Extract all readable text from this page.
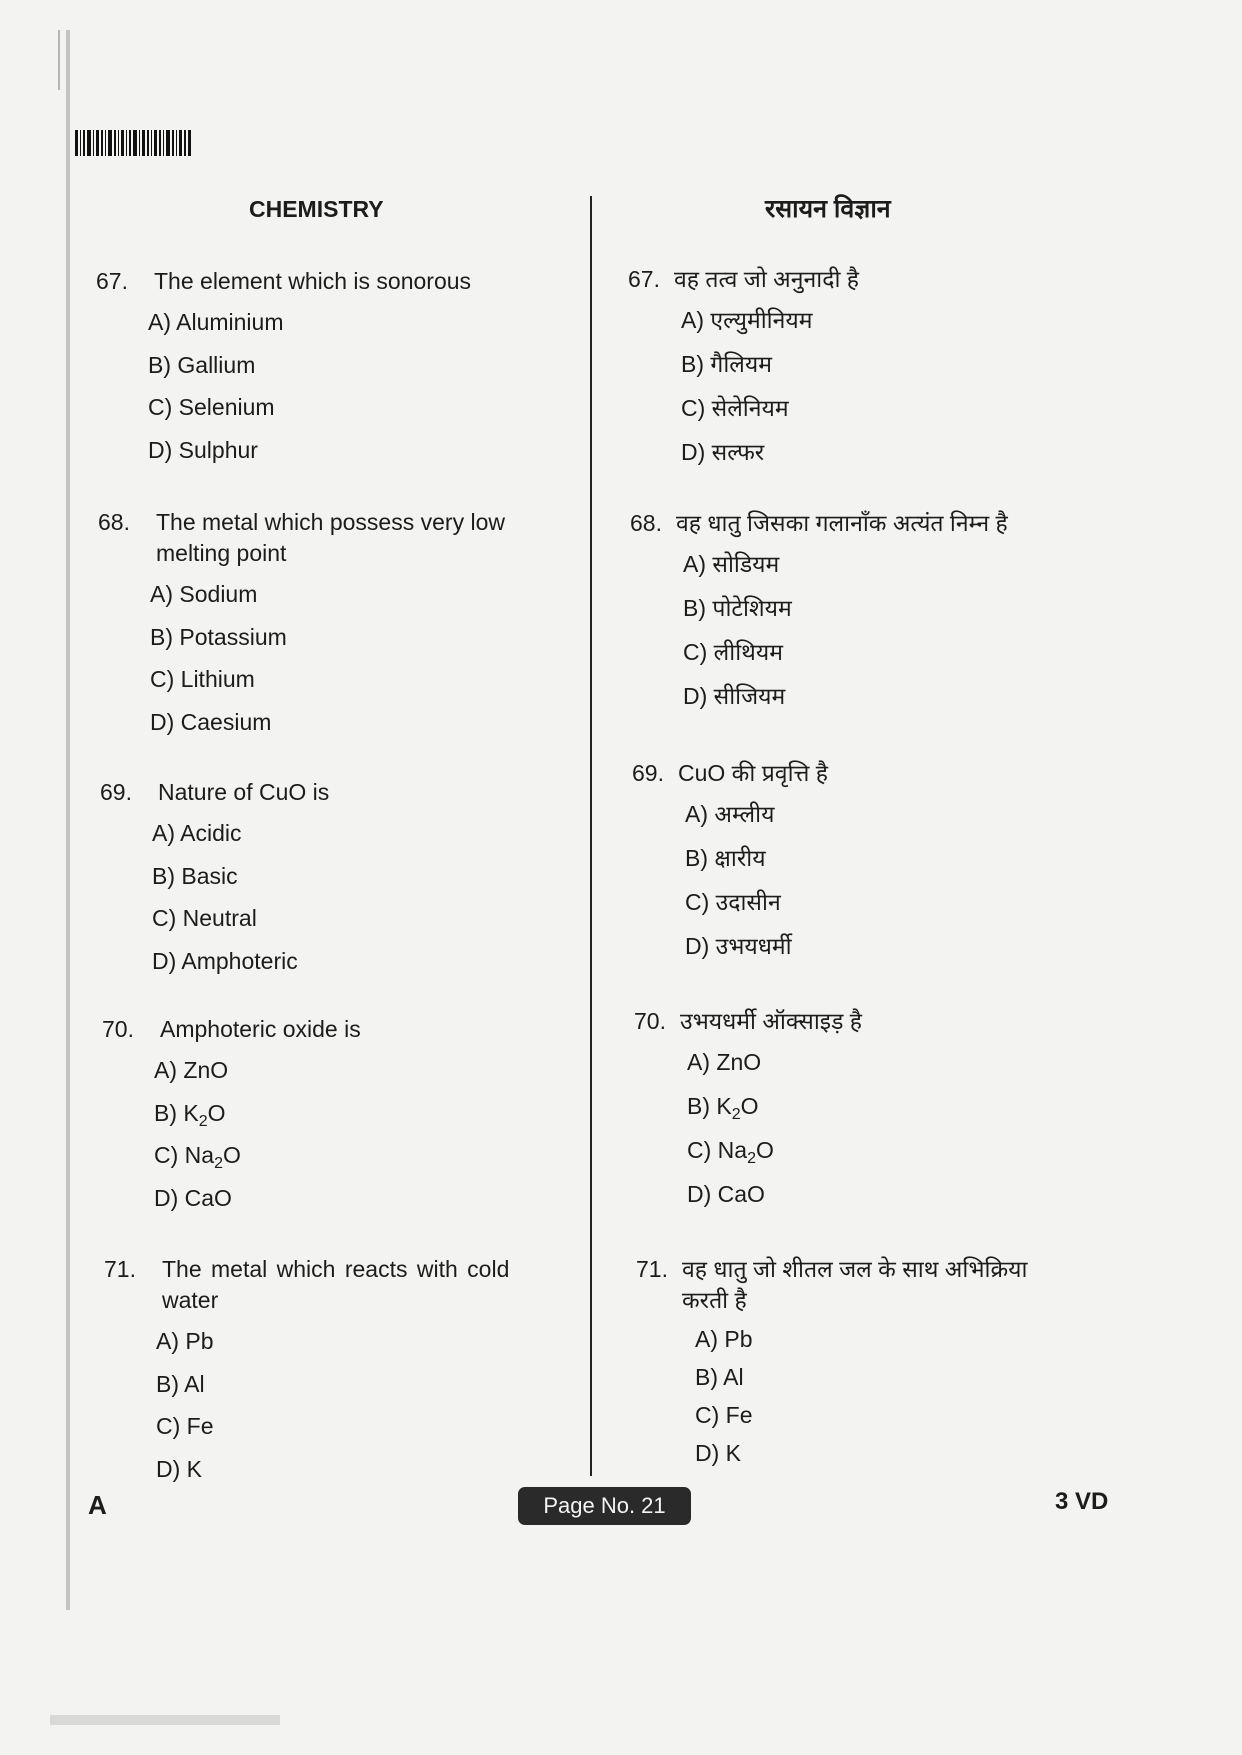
CHEMISTRY	रसायन विज्ञान
67.	The element which is sonorous
A) Aluminium
B) Gallium
C) Selenium
D) Sulphur
68.	The metal which possess very low melting point
A) Sodium
B) Potassium
C) Lithium
D) Caesium
69.	Nature of CuO is
A) Acidic
B) Basic
C) Neutral
D) Amphoteric
70.	Amphoteric oxide is
A) ZnO
B) $K_2O$
C) $Na_2O$
D) CaO
71.	The metal which reacts with cold water
A) Pb
B) Al
C) Fe
D) K
67. वह तत्व जो अनुनादी है
A) एल्युमीनियम
B) गैलियम
C) सेलेनियम
D) सल्फर
68. वह धातु जिसका गलानाँक अत्यंत निम्न है
A) सोडियम
B) पोटेशियम
C) लीथियम
D) सीजियम
69. CuO की प्रवृत्ति है
A) अम्लीय
B) क्षारीय
C) उदासीन
D) उभयधर्मी
70. उभयधर्मी ऑक्साइड़ है
A) ZnO
B) $K_2O$
C) $Na_2O$
D) CaO
71. वह धातु जो शीतल जल के साथ अभिक्रिया करती है
A) Pb
B) Al
C) Fe
D) K
A	Page No. 21	3 VD
